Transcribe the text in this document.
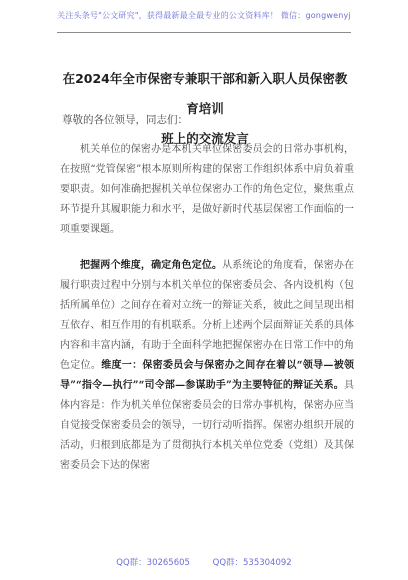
关注头条号"公文研究"，获得最新最全最专业的公文资料库！ 微信：gongwenyj
在2024年全市保密专兼职干部和新入职人员保密教育培训
班上的交流发言
尊敬的各位领导，同志们：

机关单位的保密办是本机关单位保密委员会的日常办事机构，在按照“党管保密”根本原则所构建的保密工作组织体系中肩负着重要职责。如何准确把握机关单位保密办工作的角色定位，聚焦重点环节提升其履职能力和水平，是做好新时代基层保密工作面临的一项重要课题。

把握两个维度，确定角色定位。从系统论的角度看，保密办在履行职责过程中分别与本机关单位的保密委员会、各内设机构（包括所属单位）之间存在着对立统一的辩证关系，彼此之间呈现出相互依存、相互作用的有机联系。分析上述两个层面辩证关系的具体内容和丰富内涵，有助于全面科学地把握保密办在日常工作中的角色定位。维度一：保密委员会与保密办之间存在着以“领导—被领导”“指令—执行”“司令部—参谋助手”为主要特征的辩证关系。具体内容是：作为机关单位保密委员会的日常办事机构，保密办应当自觉接受保密委员会的领导，一切行动听指挥。保密办组织开展的活动，归根到底都是为了贯彻执行本机关单位党委（党组）及其保密委员会下达的保密

QQ群：30265605	QQ群：535304092
